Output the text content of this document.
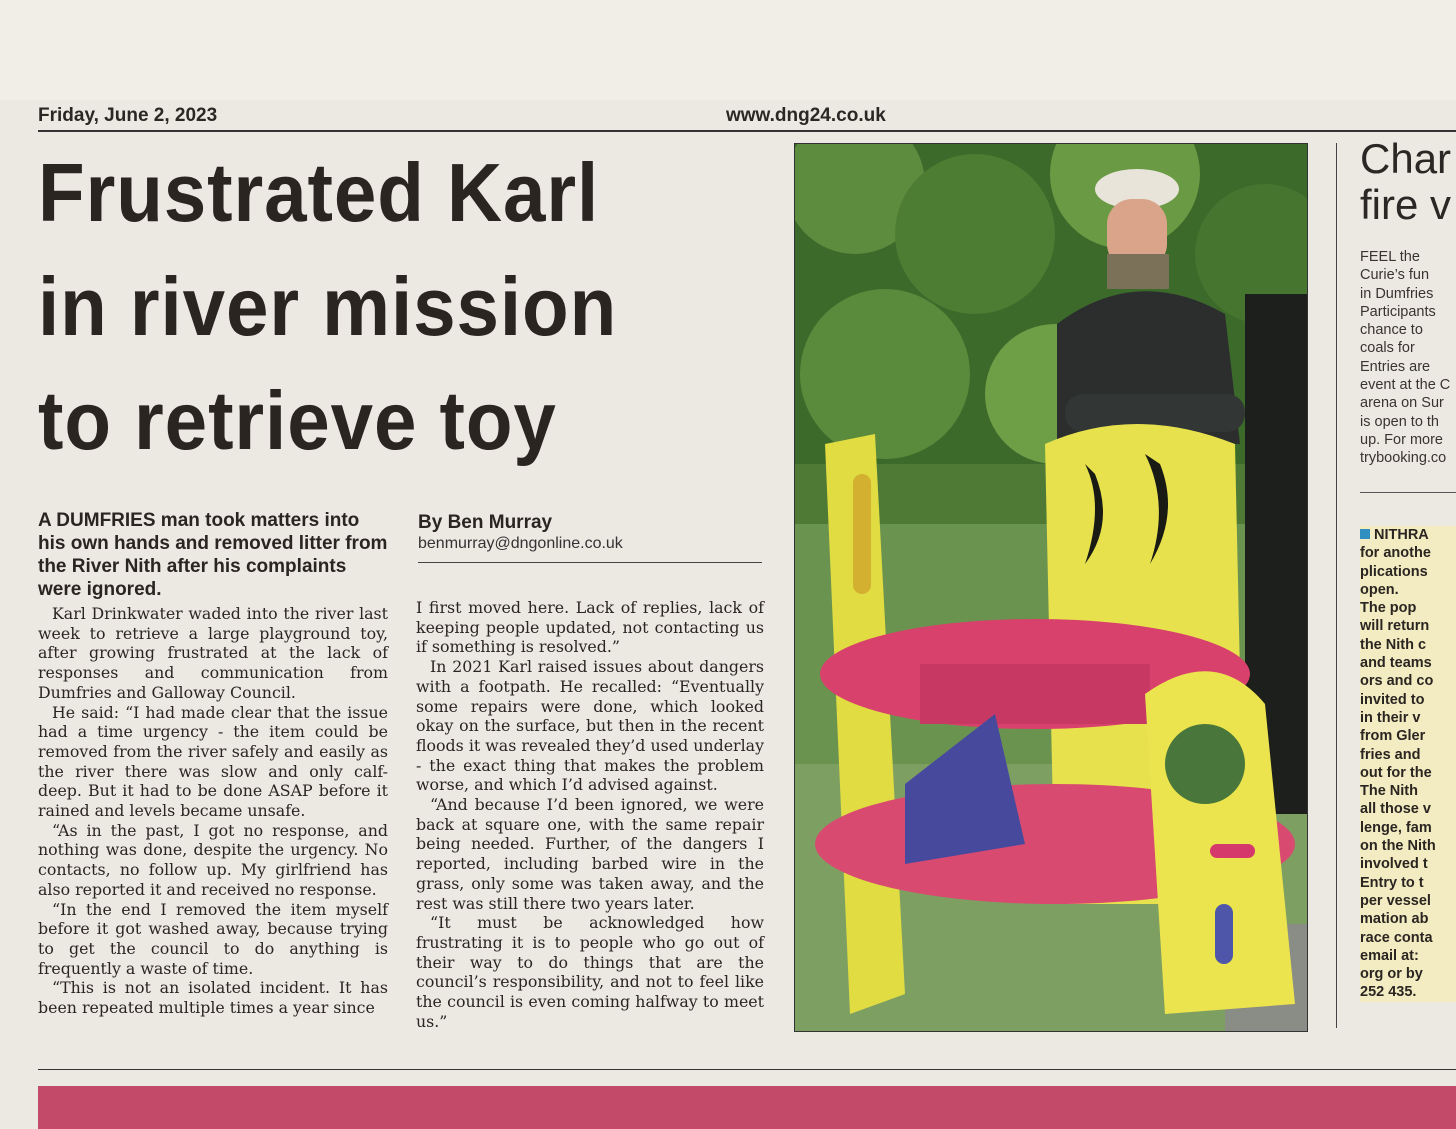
Friday, June 2, 2023	www.dng24.co.uk
Frustrated Karl
in river mission
to retrieve toy
A DUMFRIES man took matters into his own hands and removed litter from the River Nith after his complaints were ignored.
By Ben Murray
benmurray@dngonline.co.uk

Karl Drinkwater waded into the river last week to retrieve a large playground toy, after growing frustrated at the lack of responses and communication from Dumfries and Galloway Council.

He said: “I had made clear that the issue had a time urgency - the item could be removed from the river safely and easily as the river there was slow and only calf-deep. But it had to be done ASAP before it rained and levels became unsafe.

“As in the past, I got no response, and nothing was done, despite the urgency. No contacts, no follow up. My girlfriend has also reported it and received no response.

“In the end I removed the item myself before it got washed away, because trying to get the council to do anything is frequently a waste of time.

“This is not an isolated incident. It has been repeated multiple times a year since

I first moved here. Lack of replies, lack of keeping people updated, not contacting us if something is resolved.”

In 2021 Karl raised issues about dangers with a footpath. He recalled: “Eventually some repairs were done, which looked okay on the surface, but then in the recent floods it was revealed they’d used underlay - the exact thing that makes the problem worse, and which I’d advised against.

“And because I’d been ignored, we were back at square one, with the same repair being needed. Further, of the dangers I reported, including barbed wire in the grass, only some was taken away, and the rest was still there two years later.

“It must be acknowledged how frustrating it is to people who go out of their way to do things that are the council’s responsibility, and not to feel like the council is even coming halfway to meet us.”

Char
fire v
FEEL the
Curie’s fun
in Dumfries
Participants
chance to
coals for
Entries are
event at the C
arena on Sur
is open to th
up. For more
trybooking.co
NITHRA
for anothe
plications
open.
The pop
will return
the Nith c
and teams
ors and co
invited to
in their v
from Gler
fries and
out for the
The Nith
all those v
lenge, fam
on the Nith
involved t
Entry to t
per vessel
mation ab
race conta
email at:
org or by
252 435.
